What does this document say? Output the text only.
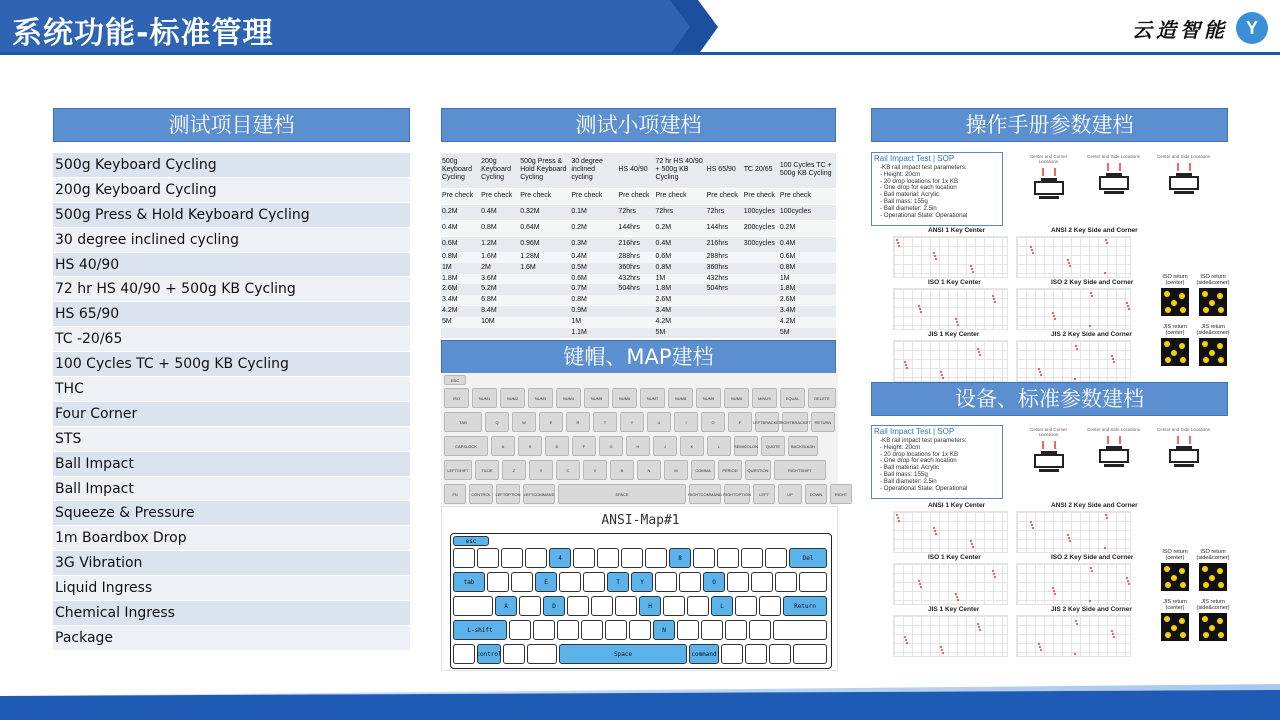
系统功能-标准管理	云造智能 Y
测试项目建档	测试小项建档	操作手册参数建档
键帽、MAP建档
设备、标准参数建档
500g Keyboard Cycling
200g Keyboard Cycling
500g Press & Hold Keyboard Cycling
30 degree inclined cycling
HS 40/90
72 hr HS 40/90 + 500g KB Cycling
HS 65/90
TC -20/65
100 Cycles TC + 500g KB Cycling
THC
Four Corner
STS
Ball Impact
Ball Impact
Squeeze & Pressure
1m Boardbox Drop
3G Vibration
Liquid Ingress
Chemical Ingress
Package
500g Keyboard Cycling	200g Keyboard Cycling	500g Press & Hold Keyboard Cycling	30 degree inclined cycling	HS 40/90	72 hr HS 40/90 + 500g KB Cycling	HS 65/90	TC 20/65	100 Cycles TC + 500g KB Cycling
Pre check	Pre check	Pre check	Pre check	Pre check	Pre check	Pre check	Pre check	Pre check
0.2M	0.4M	0.32M	0.1M	72hrs	72hrs	72hrs	100cycles	100cycles
0.4M	0.8M	0.64M	0.2M	144hrs	0.2M	144hrs	200cycles	0.2M
0.6M	1.2M	0.96M	0.3M	216hrs	0.4M	216hrs	300cycles	0.4M
0.8M	1.6M	1.28M	0.4M	288hrs	0.6M	288hrs		0.6M
1M	2M	1.6M	0.5M	360hrs	0.8M	360hrs		0.8M
1.8M	3.6M		0.6M	432hrs	1M	432hrs		1M
2.6M	5.2M		0.7M	504hrs	1.8M	504hrs		1.8M
3.4M	6.8M		0.8M		2.6M			2.6M
4.2M	8.4M		0.9M		3.4M			3.4M
5M	10M		1M		4.2M			4.2M
			1.1M		5M			5M
ESC
ISO	NUM1	NUM2	NUM3	NUM4	NUM5	NUM6	NUM7	NUM8	NUM9	NUM0	MINUS	EQUAL	DELETE
TAB	Q	W	E	R	T	Y	U	I	O	P	LEFTBRACKET
RIGHTBRACKET RETURN
CAPSLOCK	A	S	D	F	G	H	J	K	L	SEMICOLON	QUOTE	BACKSLASH
LEFTSHIFT	TILDE	Z	X	C	V	B	N	M	COMMA	PERIOD	QUESTION	RIGHTSHIFT
FN	CONTROL	LEFTOPTION LEFTCOMMAND	SPACE	RIGHTCOMMAND RIGHTOPTION	LEFT	UP	DOWN	RIGHT
ANSI-Map#1
esc
4	8	Del
tab	E	T	Y	O
A	D	H	L	Return
L-shift	N
control	Space	command
Rail Impact Test | SOP
-KB rail impact test parameters:
- Height: 20cm
- 20 drop locations for 1x KB
- One drop for each location
- Ball material: Acrylic
- Ball mass: 155g
- Ball diameter: 2.5in
- Operational State: Operational
Center and Corner Locations
Center and Side Locations	Center and Side Locations
ANSI 1 Key Center	ANSI 2 Key Side and Corner
ISO 1 Key Center	ISO 2 Key Side and Corner
JIS 1 Key Center	JIS 2 Key Side and Corner
ISO return (center)
ISO return (side&corner)
JIS return (center)
JIS return (side&corner)
Rail Impact Test | SOP
-KB rail impact test parameters:
- Height: 20cm
- 20 drop locations for 1x KB
- One drop for each location
- Ball material: Acrylic
- Ball mass: 155g
- Ball diameter: 2.5in
- Operational State: Operational
Center and Corner Locations
Center and Side Locations	Center and Side Locations
ANSI 1 Key Center	ANSI 2 Key Side and Corner
ISO 1 Key Center	ISO 2 Key Side and Corner
JIS 1 Key Center	JIS 2 Key Side and Corner
ISO return (center)
ISO return (side&corner)
JIS return (center)
JIS return (side&corner)
